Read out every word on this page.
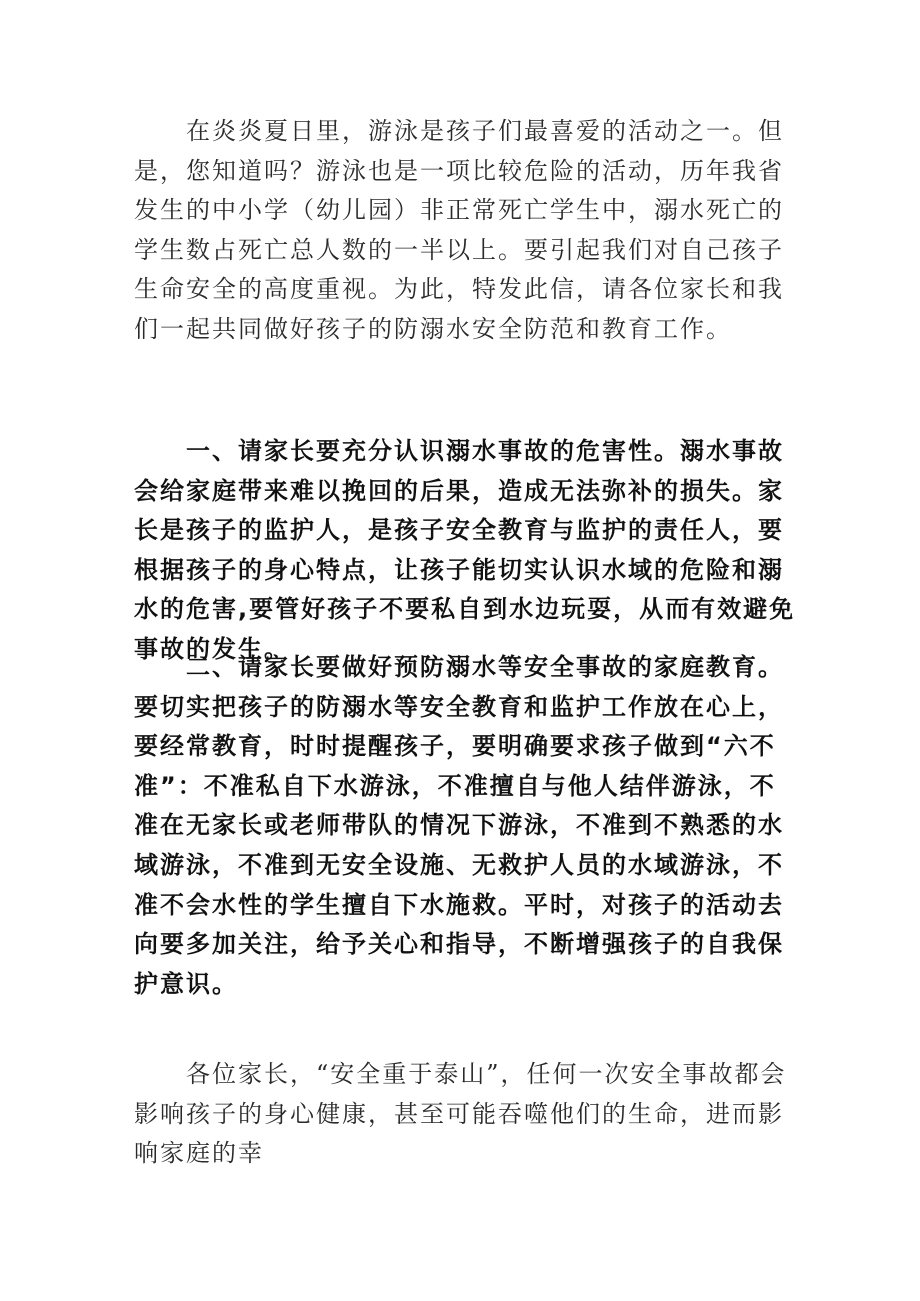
在炎炎夏日里，游泳是孩子们最喜爱的活动之一。但是，您知道吗？游泳也是一项比较危险的活动，历年我省发生的中小学（幼儿园）非正常死亡学生中，溺水死亡的学生数占死亡总人数的一半以上。要引起我们对自己孩子生命安全的高度重视。为此，特发此信，请各位家长和我们一起共同做好孩子的防溺水安全防范和教育工作。

一、请家长要充分认识溺水事故的危害性。溺水事故会给家庭带来难以挽回的后果，造成无法弥补的损失。家长是孩子的监护人，是孩子安全教育与监护的责任人，要根据孩子的身心特点，让孩子能切实认识水域的危险和溺水的危害,要管好孩子不要私自到水边玩耍，从而有效避免事故的发生。

二、请家长要做好预防溺水等安全事故的家庭教育。要切实把孩子的防溺水等安全教育和监护工作放在心上，要经常教育，时时提醒孩子，要明确要求孩子做到“六不准”：不准私自下水游泳，不准擅自与他人结伴游泳，不准在无家长或老师带队的情况下游泳，不准到不熟悉的水域游泳，不准到无安全设施、无救护人员的水域游泳，不准不会水性的学生擅自下水施救。平时，对孩子的活动去向要多加关注，给予关心和指导，不断增强孩子的自我保护意识。

各位家长，“安全重于泰山”，任何一次安全事故都会影响孩子的身心健康，甚至可能吞噬他们的生命，进而影响家庭的幸
